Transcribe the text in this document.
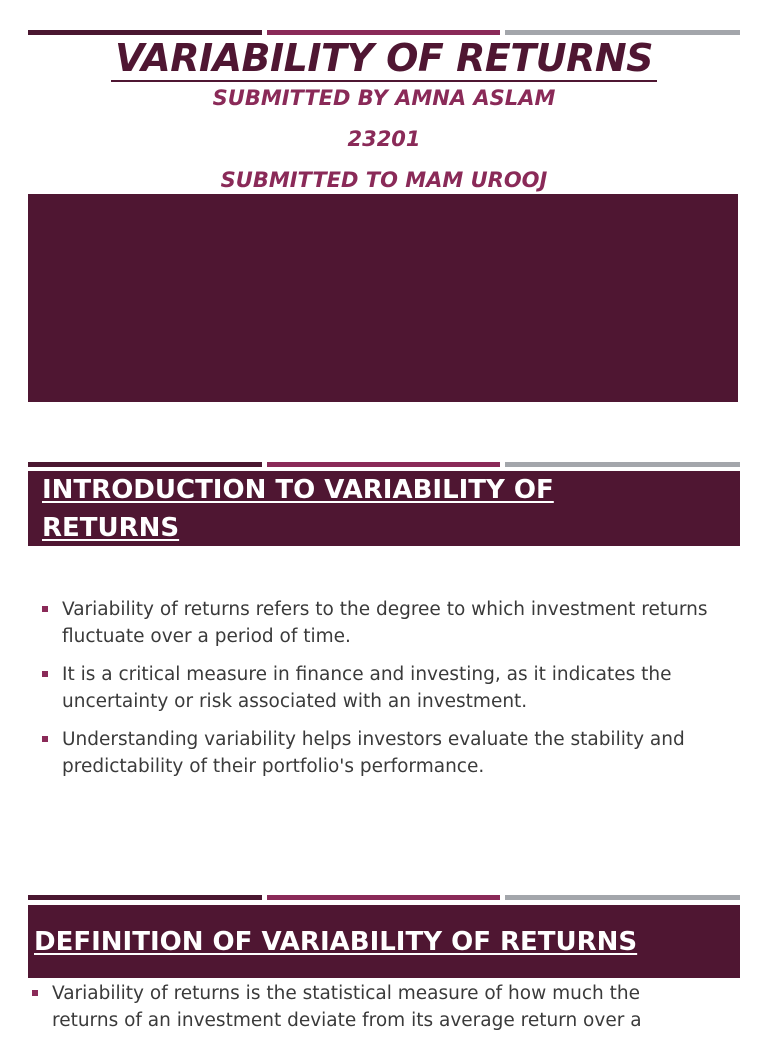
VARIABILITY OF RETURNS
SUBMITTED BY AMNA ASLAM
23201
SUBMITTED TO MAM UROOJ
INTRODUCTION TO VARIABILITY OF
RETURNS
Variability of returns refers to the degree to which investment returns fluctuate over a period of time.
It is a critical measure in finance and investing, as it indicates the uncertainty or risk associated with an investment.
Understanding variability helps investors evaluate the stability and predictability of their portfolio's performance.
DEFINITION OF VARIABILITY OF RETURNS
Variability of returns is the statistical measure of how much the returns of an investment deviate from its average return over a
